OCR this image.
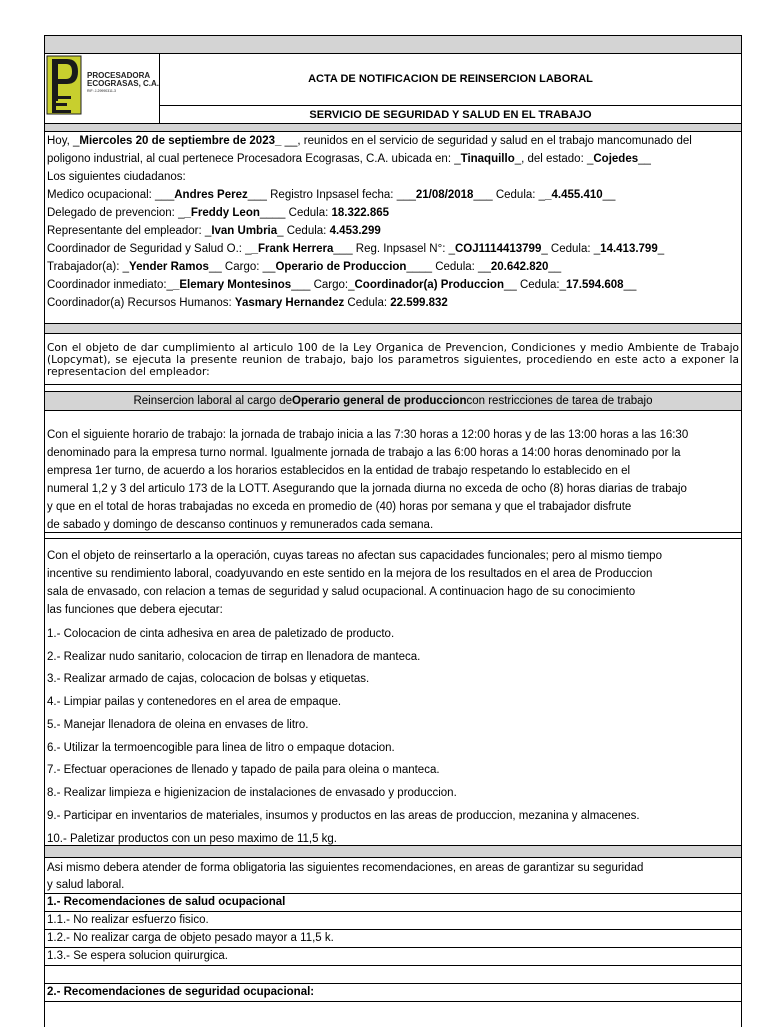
PROCESADORA
ECOGRASAS, C.A.
RIF: J-29990311-3
ACTA DE NOTIFICACION DE REINSERCION LABORAL
SERVICIO DE SEGURIDAD Y SALUD EN EL TRABAJO
Hoy, _Miercoles 20 de septiembre de 2023_ __, reunidos en el servicio de seguridad y salud en el trabajo mancomunado del
poligono industrial, al cual pertenece Procesadora Ecograsas, C.A. ubicada en: _Tinaquillo_, del estado: _Cojedes__
Los siguientes ciudadanos:
Medico ocupacional: ___Andres Perez___ Registro Inpsasel fecha: ___21/08/2018___ Cedula: __4.455.410__
Delegado de prevencion: __Freddy Leon____ Cedula: 18.322.865
Representante del empleador: _Ivan Umbria_ Cedula: 4.453.299
Coordinador de Seguridad y Salud O.: __Frank Herrera___ Reg. Inpsasel N°: _COJ1114413799_ Cedula: _14.413.799_
Trabajador(a): _Yender Ramos__ Cargo: __Operario de Produccion____ Cedula: __20.642.820__
Coordinador inmediato:__Elemary Montesinos___ Cargo:_Coordinador(a) Produccion__ Cedula:_17.594.608__
Coordinador(a) Recursos Humanos: Yasmary Hernandez Cedula: 22.599.832
Con el objeto de dar cumplimiento al articulo 100 de la Ley Organica de Prevencion, Condiciones y medio Ambiente de Trabajo (Lopcymat), se ejecuta la presente reunion de trabajo, bajo los parametros siguientes, procediendo en este acto a exponer la representacion del empleador:
Reinsercion laboral al cargo de Operario general de produccion con restricciones de tarea de trabajo
Con el siguiente horario de trabajo: la jornada de trabajo inicia a las 7:30 horas a 12:00 horas y de las 13:00 horas a las 16:30
denominado para la empresa turno normal. Igualmente jornada de trabajo a las 6:00 horas a 14:00 horas denominado por la
empresa 1er turno, de acuerdo a los horarios establecidos en la entidad de trabajo respetando lo establecido en el
numeral 1,2 y 3 del articulo 173 de la LOTT. Asegurando que la jornada diurna no exceda de ocho (8) horas diarias de trabajo
y que en el total de horas trabajadas no exceda en promedio de (40) horas por semana y que el trabajador disfrute
de sabado y domingo de descanso continuos y remunerados cada semana.
Con el objeto de reinsertarlo a la operación, cuyas tareas no afectan sus capacidades funcionales; pero al mismo tiempo
incentive su rendimiento laboral, coadyuvando en este sentido en la mejora de los resultados en el area de Produccion
sala de envasado, con relacion a temas de seguridad y salud ocupacional. A continuacion hago de su conocimiento
las funciones que debera ejecutar:
1.- Colocacion de cinta adhesiva en area de paletizado de producto.
2.- Realizar nudo sanitario, colocacion de tirrap en llenadora de manteca.
3.- Realizar armado de cajas, colocacion de bolsas y etiquetas.
4.- Limpiar pailas y contenedores en el area de empaque.
5.- Manejar llenadora de oleina en envases de litro.
6.- Utilizar la termoencogible para linea de litro o empaque dotacion.
7.- Efectuar operaciones de llenado y tapado de paila para oleina o manteca.
8.- Realizar limpieza e higienizacion de instalaciones de envasado y produccion.
9.- Participar en inventarios de materiales, insumos y productos en las areas de produccion, mezanina y almacenes.
10.- Paletizar productos con un peso maximo de 11,5 kg.
Asi mismo debera atender de forma obligatoria las siguientes recomendaciones, en areas de garantizar su seguridad
y salud laboral.
1.- Recomendaciones de salud ocupacional
1.1.- No realizar esfuerzo fisico.
1.2.- No realizar carga de objeto pesado mayor a 11,5 k.
1.3.- Se espera solucion quirurgica.
2.- Recomendaciones de seguridad ocupacional:
